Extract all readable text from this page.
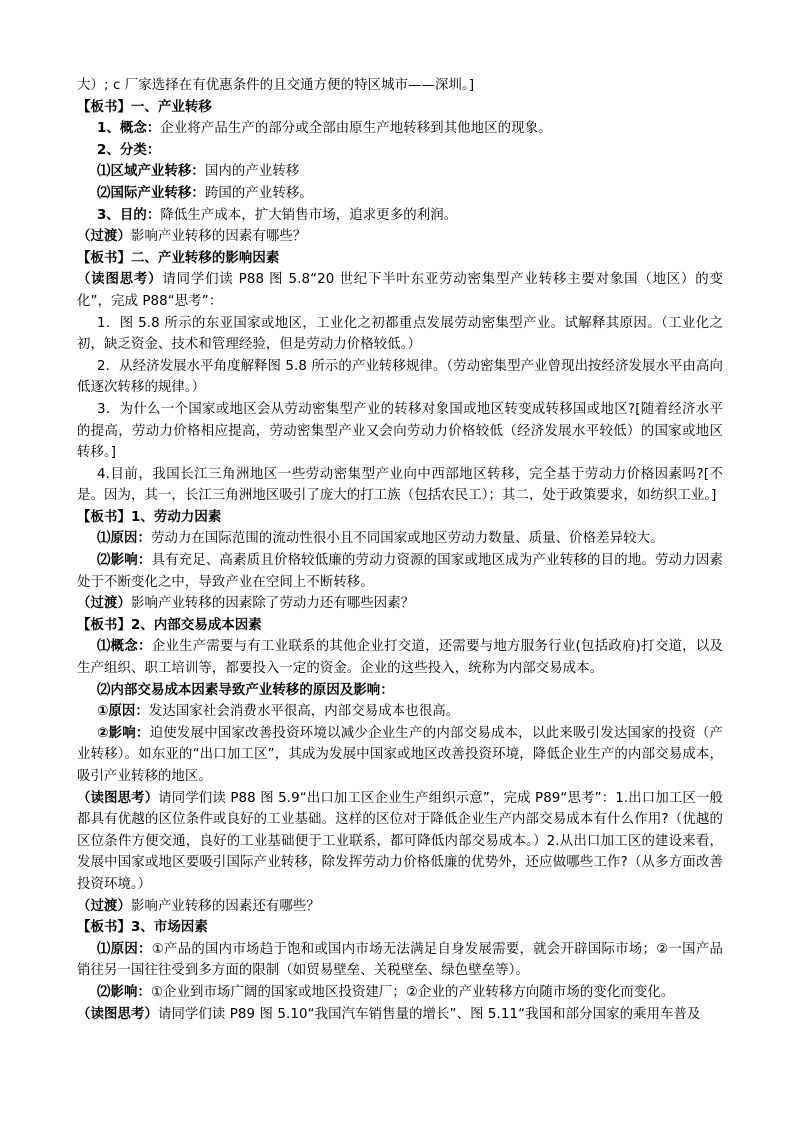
大）; c 厂家选择在有优惠条件的且交通方便的特区城市——深圳。]

【板书】一、产业转移

1、概念：企业将产品生产的部分或全部由原生产地转移到其他地区的现象。

2、分类：

⑴区域产业转移：国内的产业转移

⑵国际产业转移：跨国的产业转移。

3、目的：降低生产成本，扩大销售市场，追求更多的利润。

（过渡）影响产业转移的因素有哪些？

【板书】二、产业转移的影响因素

（读图思考）请同学们读 P88 图 5.8“20 世纪下半叶东亚劳动密集型产业转移主要对象国（地区）的变化”，完成 P88“思考”：

1．图 5.8 所示的东亚国家或地区，工业化之初都重点发展劳动密集型产业。试解释其原因。（工业化之初，缺乏资金、技术和管理经验，但是劳动力价格较低。）

2．从经济发展水平角度解释图 5.8 所示的产业转移规律。（劳动密集型产业曾现出按经济发展水平由高向低逐次转移的规律。）

3．为什么一个国家或地区会从劳动密集型产业的转移对象国或地区转变成转移国或地区?[随着经济水平的提高，劳动力价格相应提高，劳动密集型产业又会向劳动力价格较低（经济发展水平较低）的国家或地区转移。]

4.目前，我国长江三角洲地区一些劳动密集型产业向中西部地区转移，完全基于劳动力价格因素吗?[不是。因为，其一，长江三角洲地区吸引了庞大的打工族（包括农民工）；其二，处于政策要求，如纺织工业。]

【板书】1、劳动力因素

⑴原因：劳动力在国际范围的流动性很小且不同国家或地区劳动力数量、质量、价格差异较大。

⑵影响：具有充足、高素质且价格较低廉的劳动力资源的国家或地区成为产业转移的目的地。劳动力因素处于不断变化之中，导致产业在空间上不断转移。

（过渡）影响产业转移的因素除了劳动力还有哪些因素？

【板书】2、内部交易成本因素

⑴概念：企业生产需要与有工业联系的其他企业打交道，还需要与地方服务行业(包括政府)打交道，以及生产组织、职工培训等，都要投入一定的资金。企业的这些投入，统称为内部交易成本。

⑵内部交易成本因素导致产业转移的原因及影响：

①原因：发达国家社会消费水平很高，内部交易成本也很高。

②影响：迫使发展中国家改善投资环境以减少企业生产的内部交易成本，以此来吸引发达国家的投资（产业转移）。如东亚的“出口加工区”，其成为发展中国家或地区改善投资环境，降低企业生产的内部交易成本，吸引产业转移的地区。

（读图思考）请同学们读 P88 图 5.9“出口加工区企业生产组织示意”，完成 P89“思考”：1.出口加工区一般都具有优越的区位条件或良好的工业基础。这样的区位对于降低企业生产内部交易成本有什么作用?（优越的区位条件方便交通，良好的工业基础便于工业联系，都可降低内部交易成本。）2.从出口加工区的建设来看，发展中国家或地区要吸引国际产业转移，除发挥劳动力价格低廉的优势外，还应做哪些工作?（从多方面改善投资环境。）

（过渡）影响产业转移的因素还有哪些？

【板书】3、市场因素

⑴原因：①产品的国内市场趋于饱和或国内市场无法满足自身发展需要，就会开辟国际市场；②一国产品销往另一国往往受到多方面的限制（如贸易壁垒、关税壁垒、绿色壁垒等）。

⑵影响：①企业到市场广阔的国家或地区投资建厂；②企业的产业转移方向随市场的变化而变化。

（读图思考）请同学们读 P89 图 5.10“我国汽车销售量的增长”、图 5.11“我国和部分国家的乘用车普及
